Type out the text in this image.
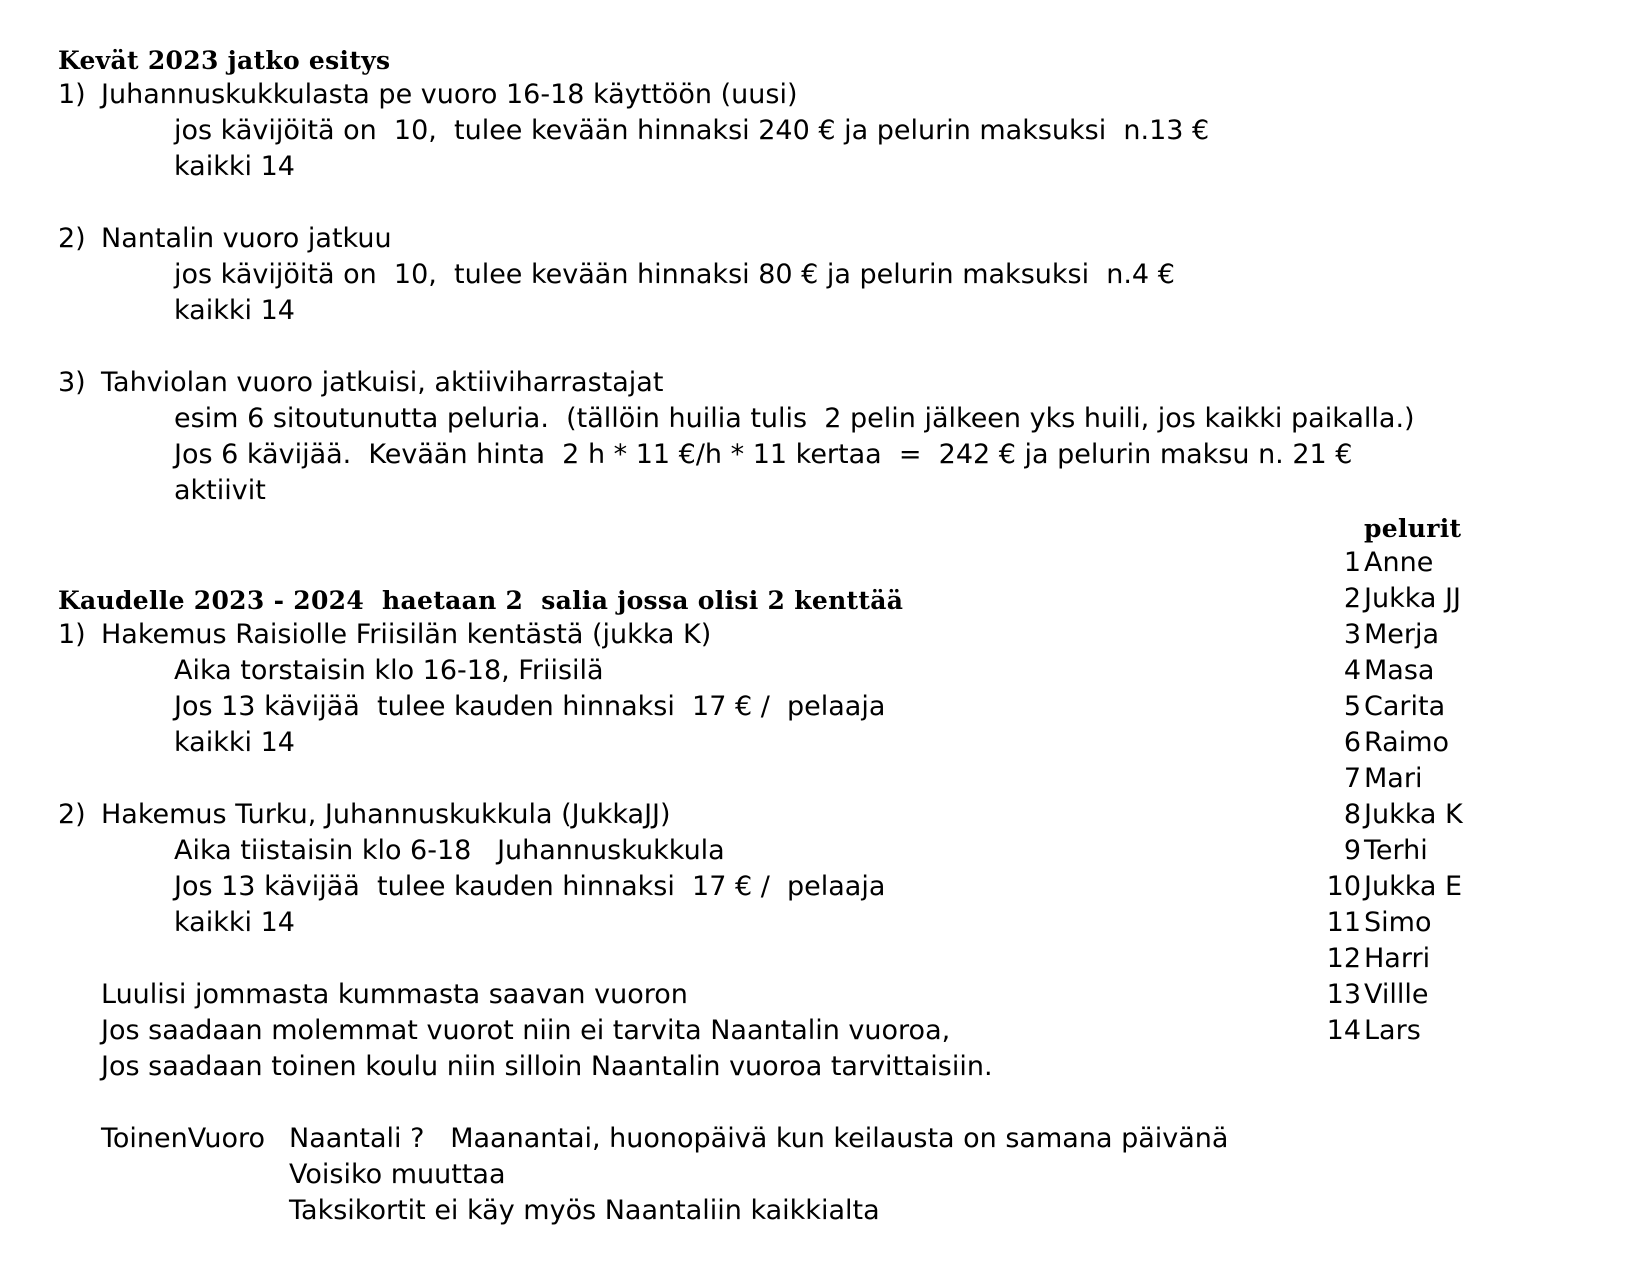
Kevät 2023 jatko esitys
1) Juhannuskukkulasta pe vuoro 16-18 käyttöön (uusi)
jos kävijöitä on  10,  tulee kevään hinnaksi 240 € ja pelurin maksuksi  n.13 €
kaikki 14
2) Nantalin vuoro jatkuu
jos kävijöitä on  10,  tulee kevään hinnaksi 80 € ja pelurin maksuksi  n.4 €
kaikki 14
3) Tahviolan vuoro jatkuisi, aktiiviharrastajat
esim 6 sitoutunutta peluria.  (tällöin huilia tulis  2 pelin jälkeen yks huili, jos kaikki paikalla.)
Jos 6 kävijää.  Kevään hinta  2 h * 11 €/h * 11 kertaa  =  242 € ja pelurin maksu n. 21 €
aktiivit
Kaudelle 2023 - 2024  haetaan 2  salia jossa olisi 2 kenttää
1) Hakemus Raisiolle Friisilän kentästä (jukka K)
Aika torstaisin klo 16-18, Friisilä
Jos 13 kävijää  tulee kauden hinnaksi  17 € /  pelaaja
kaikki 14
2) Hakemus Turku, Juhannuskukkula (JukkaJJ)
Aika tiistaisin klo 6-18   Juhannuskukkula
Jos 13 kävijää  tulee kauden hinnaksi  17 € /  pelaaja
kaikki 14
Luulisi jommasta kummasta saavan vuoron
Jos saadaan molemmat vuorot niin ei tarvita Naantalin vuoroa,
Jos saadaan toinen koulu niin silloin Naantalin vuoroa tarvittaisiin.
ToinenVuoro Naantali ?   Maanantai, huonopäivä kun keilausta on samana päivänä
Voisiko muuttaa
Taksikortit ei käy myös Naantaliin kaikkialta
pelurit
1 Anne
2 Jukka JJ
3 Merja
4 Masa
5 Carita
6 Raimo
7 Mari
8 Jukka K
9 Terhi
10 Jukka E
11 Simo
12 Harri
13 Villle
14 Lars
